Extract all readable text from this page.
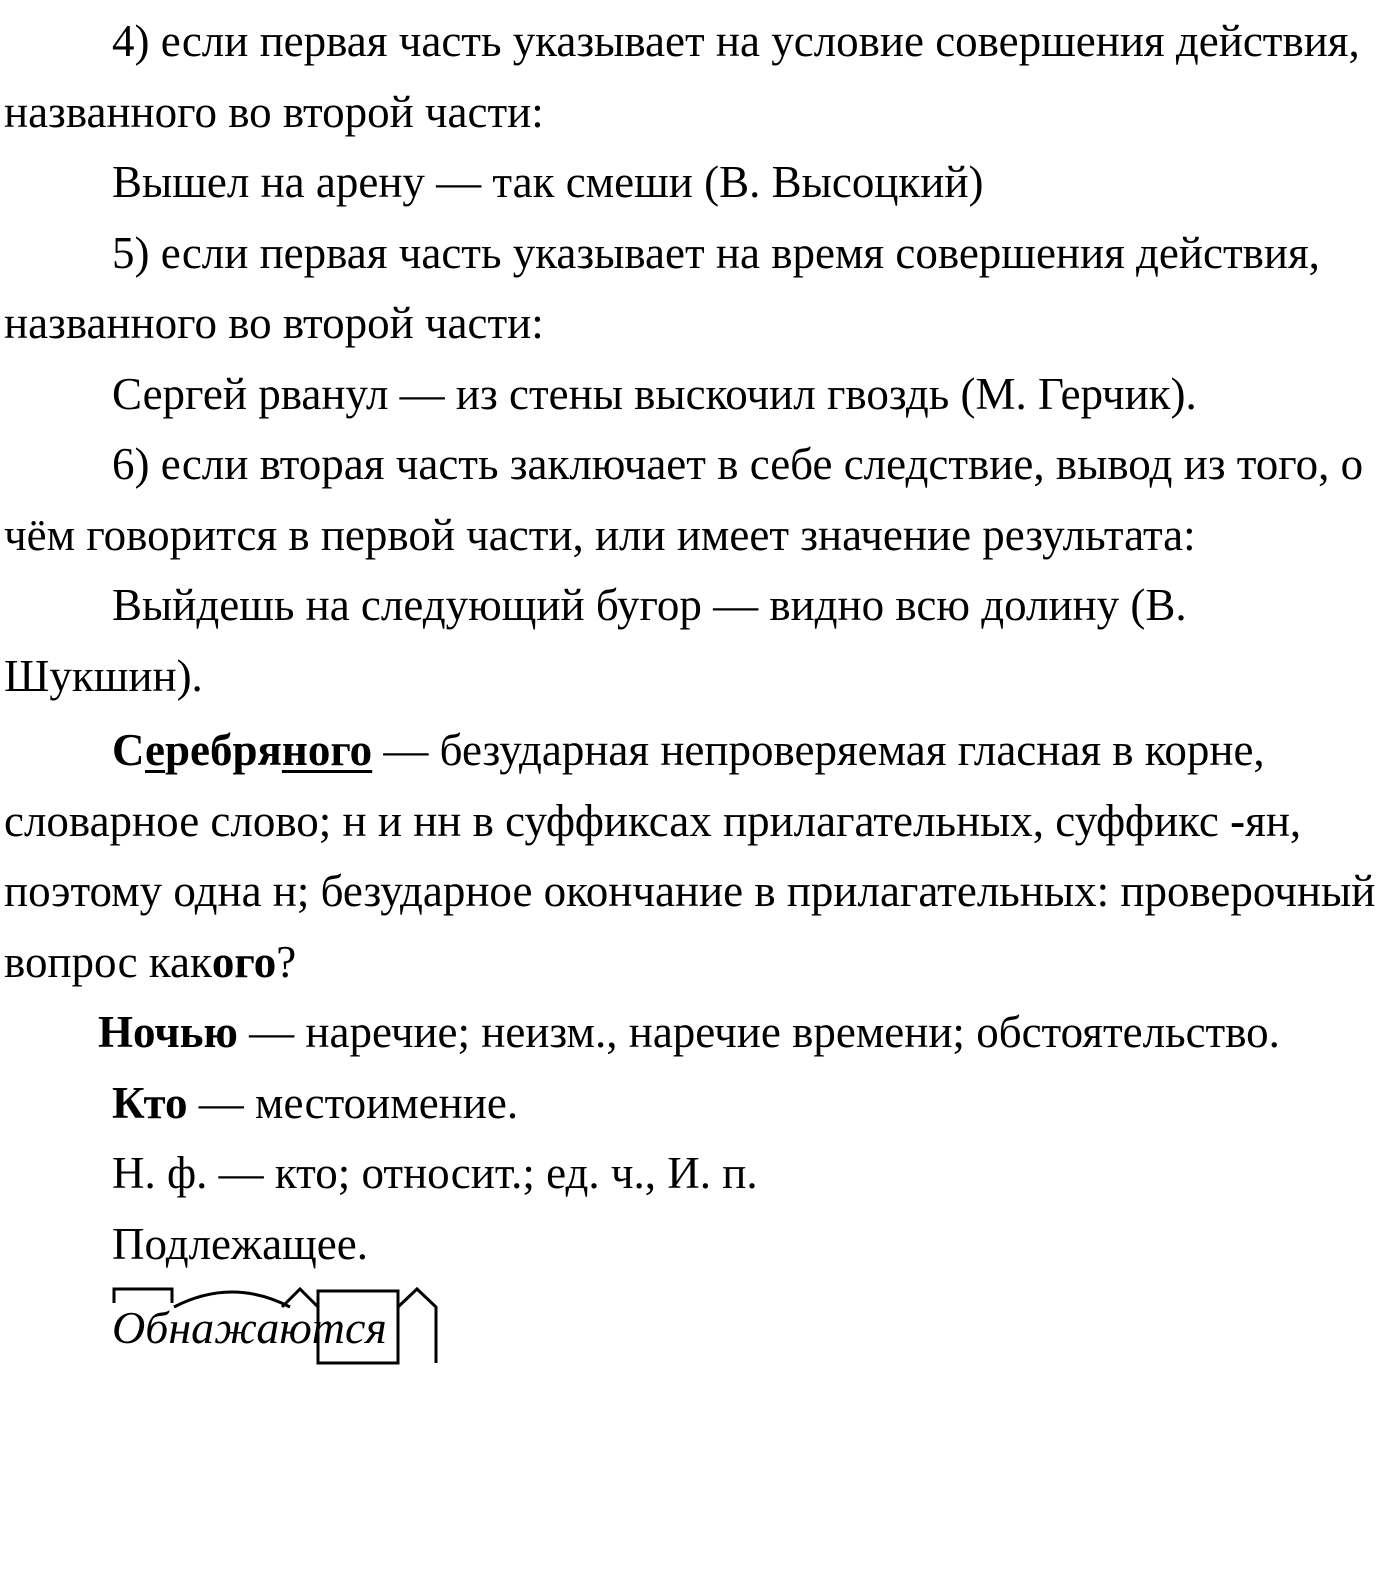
4) если первая часть указывает на условие совершения действия, названного во второй части:

Вышел на арену — так смеши (В. Высоцкий)

5) если первая часть указывает на время совершения действия, названного во второй части:

Сергей рванул — из стены выскочил гвоздь (М. Герчик).

6) если вторая часть заключает в себе следствие, вывод из того, о чём говорится в первой части, или имеет значение результата:

Выйдешь на следующий бугор — видно всю долину (В. Шукшин).

Серебряного — безударная непроверяемая гласная в корне, словарное слово; н и нн в суффиксах прилагательных, суффикс -ян, поэтому одна н; безударное окончание в прилагательных: проверочный вопрос какого?

Ночью — наречие; неизм., наречие времени; обстоятельство.

Кто — местоимение.

Н. ф. — кто; относит.; ед. ч., И. п.

Подлежащее.

Обнажаются
